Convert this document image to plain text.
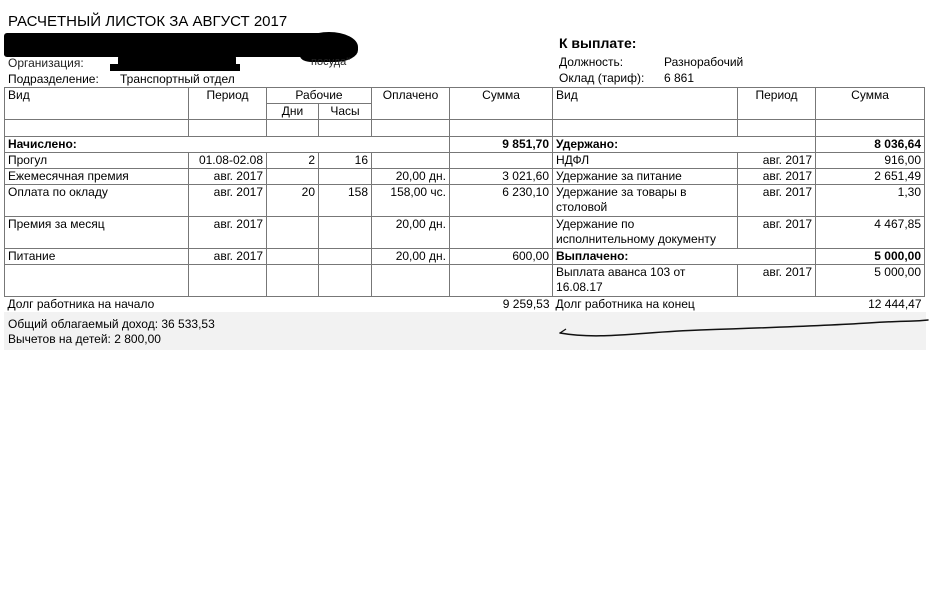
РАСЧЕТНЫЙ ЛИСТОК ЗА АВГУСТ 2017
Организация:	посуда"
Подразделение: Транспортный отдел
К выплате:
Должность:	Разнорабочий
Оклад (тариф): 6 861
Вид	Период	Рабочие		Оплачено	Сумма	Вид	Период	Сумма
		Дни	Часы					

Начислено:					9 851,70	Удержано:		8 036,64
Прогул	01.08-02.08	2	16			НДФЛ	авг. 2017	916,00
Ежемесячная премия	авг. 2017			20,00 дн.	3 021,60	Удержание за питание	авг. 2017	2 651,49
Оплата по окладу	авг. 2017	20	158	158,00 чс.	6 230,10	Удержание за товары в столовой	авг. 2017	1,30
Премия за месяц	авг. 2017			20,00 дн.		Удержание по исполнительному документу	авг. 2017	4 467,85
Питание	авг. 2017			20,00 дн.	600,00	Выплачено:		5 000,00
						Выплата аванса 103 от 16.08.17	авг. 2017	5 000,00
Долг работника на начало					9 259,53	Долг работника на конец		12 444,47
Общий облагаемый доход: 36 533,53
Вычетов на детей: 2 800,00
